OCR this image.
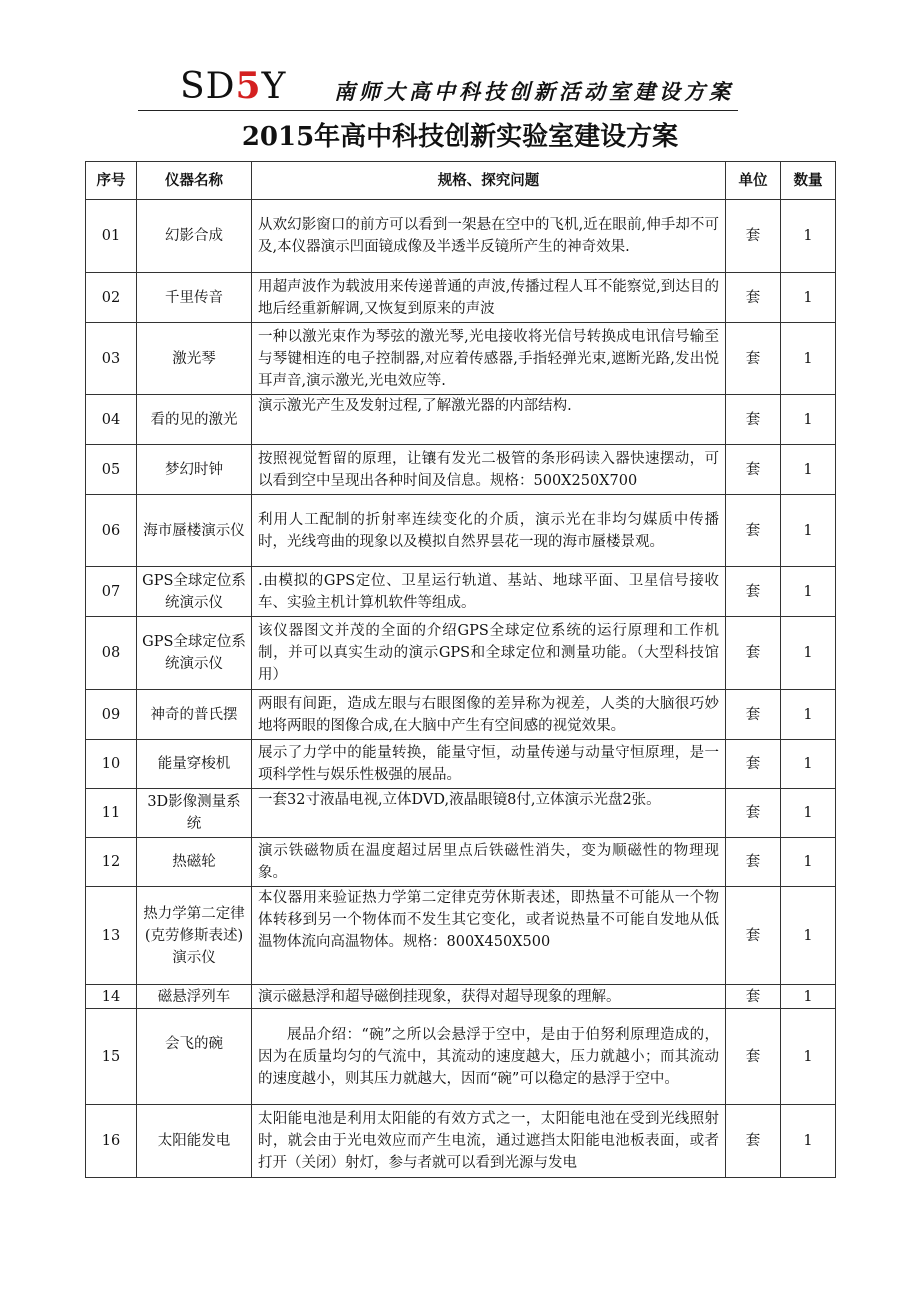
SD5Y 南师大高中科技创新活动室建设方案
2015年高中科技创新实验室建设方案
序号	仪器名称	规格、探究问题	单位	数量
01	幻影合成	从欢幻影窗口的前方可以看到一架悬在空中的飞机,近在眼前,伸手却不可及,本仪器演示凹面镜成像及半透半反镜所产生的神奇效果.	套	1
02	千里传音	用超声波作为载波用来传递普通的声波,传播过程人耳不能察觉,到达目的地后经重新解调,又恢复到原来的声波	套	1
03	激光琴	一种以激光束作为琴弦的激光琴,光电接收将光信号转换成电讯信号输至与琴键相连的电子控制器,对应着传感器,手指轻弹光束,遮断光路,发出悦耳声音,演示激光,光电效应等.	套	1
04	看的见的激光	演示激光产生及发射过程,了解激光器的内部结构.	套	1
05	梦幻时钟	按照视觉暂留的原理，让镶有发光二极管的条形码读入器快速摆动，可以看到空中呈现出各种时间及信息。规格：500X250X700	套	1
06	海市蜃楼演示仪	利用人工配制的折射率连续变化的介质，演示光在非均匀媒质中传播时，光线弯曲的现象以及模拟自然界昙花一现的海市蜃楼景观。	套	1
07	GPS全球定位系统演示仪	.由模拟的GPS定位、卫星运行轨道、基站、地球平面、卫星信号接收车、实验主机计算机软件等组成。	套	1
08	GPS全球定位系统演示仪	该仪器图文并茂的全面的介绍GPS全球定位系统的运行原理和工作机制，并可以真实生动的演示GPS和全球定位和测量功能。（大型科技馆用）	套	1
09	神奇的普氏摆	两眼有间距，造成左眼与右眼图像的差异称为视差，人类的大脑很巧妙地将两眼的图像合成,在大脑中产生有空间感的视觉效果。	套	1
10	能量穿梭机	展示了力学中的能量转换，能量守恒，动量传递与动量守恒原理，是一项科学性与娱乐性极强的展品。	套	1
11	3D影像测量系统	一套32寸液晶电视,立体DVD,液晶眼镜8付,立体演示光盘2张。	套	1
12	热磁轮	演示铁磁物质在温度超过居里点后铁磁性消失，变为顺磁性的物理现象。	套	1
13	热力学第二定律(克劳修斯表述)演示仪	本仪器用来验证热力学第二定律克劳休斯表述，即热量不可能从一个物体转移到另一个物体而不发生其它变化，或者说热量不可能自发地从低温物体流向高温物体。规格：800X450X500	套	1
14	磁悬浮列车	演示磁悬浮和超导磁倒挂现象，获得对超导现象的理解。	套	1
15	会飞的碗	展品介绍：“碗”之所以会悬浮于空中，是由于伯努利原理造成的，因为在质量均匀的气流中，其流动的速度越大，压力就越小；而其流动的速度越小，则其压力就越大，因而“碗”可以稳定的悬浮于空中。	套	1
16	太阳能发电	太阳能电池是利用太阳能的有效方式之一，太阳能电池在受到光线照射时，就会由于光电效应而产生电流，通过遮挡太阳能电池板表面，或者打开（关闭）射灯，参与者就可以看到光源与发电	套	1
